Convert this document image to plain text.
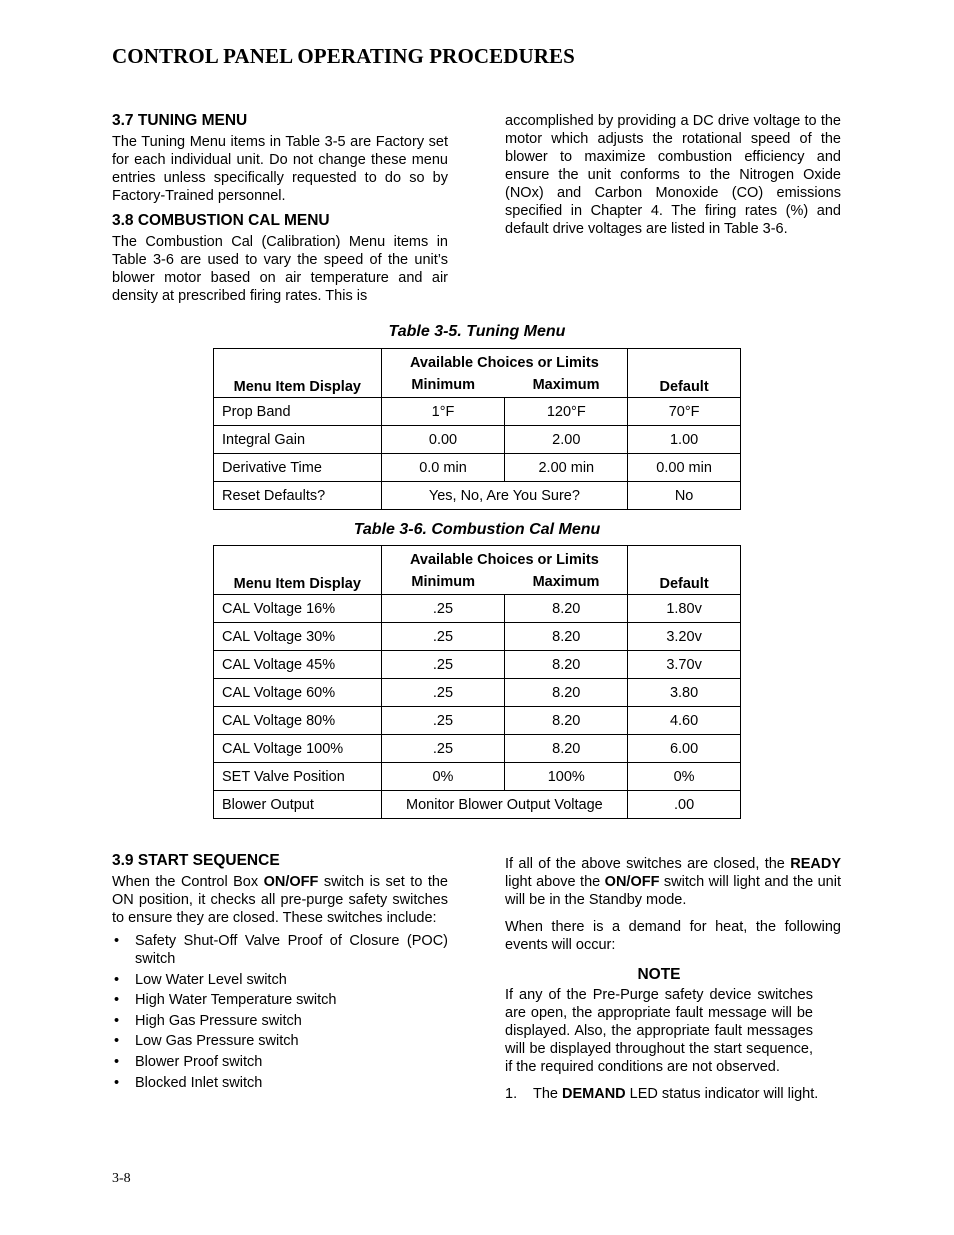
CONTROL PANEL OPERATING PROCEDURES
3.7 TUNING MENU

The Tuning Menu items in Table 3-5 are Factory set for each individual unit. Do not change these menu entries unless specifically requested to do so by Factory-Trained personnel.

3.8 COMBUSTION CAL MENU

The Combustion Cal (Calibration) Menu items in Table 3-6 are used to vary the speed of the unit’s blower motor based on air temperature and air density at prescribed firing rates. This is

accomplished by providing a DC drive voltage to the motor which adjusts the rotational speed of the blower to maximize combustion efficiency and ensure the unit conforms to the Nitrogen Oxide (NOx) and Carbon Monoxide (CO) emissions specified in Chapter 4. The firing rates (%) and default drive voltages are listed in Table 3-6.

Table 3-5. Tuning Menu
Menu Item Display	Available Choices or Limits		Default
	Minimum	Maximum	
Prop Band	1°F	120°F	70°F
Integral Gain	0.00	2.00	1.00
Derivative Time	0.0 min	2.00 min	0.00 min
Reset Defaults?	Yes, No, Are You Sure?		No
Table 3-6. Combustion Cal Menu
Menu Item Display	Available Choices or Limits		Default
	Minimum	Maximum	
CAL Voltage 16%	.25	8.20	1.80v
CAL Voltage 30%	.25	8.20	3.20v
CAL Voltage 45%	.25	8.20	3.70v
CAL Voltage 60%	.25	8.20	3.80
CAL Voltage 80%	.25	8.20	4.60
CAL Voltage 100%	.25	8.20	6.00
SET Valve Position	0%	100%	0%
Blower Output	Monitor Blower Output Voltage		.00
3.9 START SEQUENCE

When the Control Box ON/OFF switch is set to the ON position, it checks all pre-purge safety switches to ensure they are closed. These switches include:

• Safety Shut-Off Valve Proof of Closure (POC) switch
• Low Water Level switch
• High Water Temperature switch
• High Gas Pressure switch
• Low Gas Pressure switch
• Blower Proof switch
• Blocked Inlet switch

If all of the above switches are closed, the READY light above the ON/OFF switch will light and the unit will be in the Standby mode.

When there is a demand for heat, the following events will occur:

NOTE

If any of the Pre-Purge safety device switches are open, the appropriate fault message will be displayed. Also, the appropriate fault messages will be displayed throughout the start sequence, if the required conditions are not observed.

1. The DEMAND LED status indicator will light.

3-8
